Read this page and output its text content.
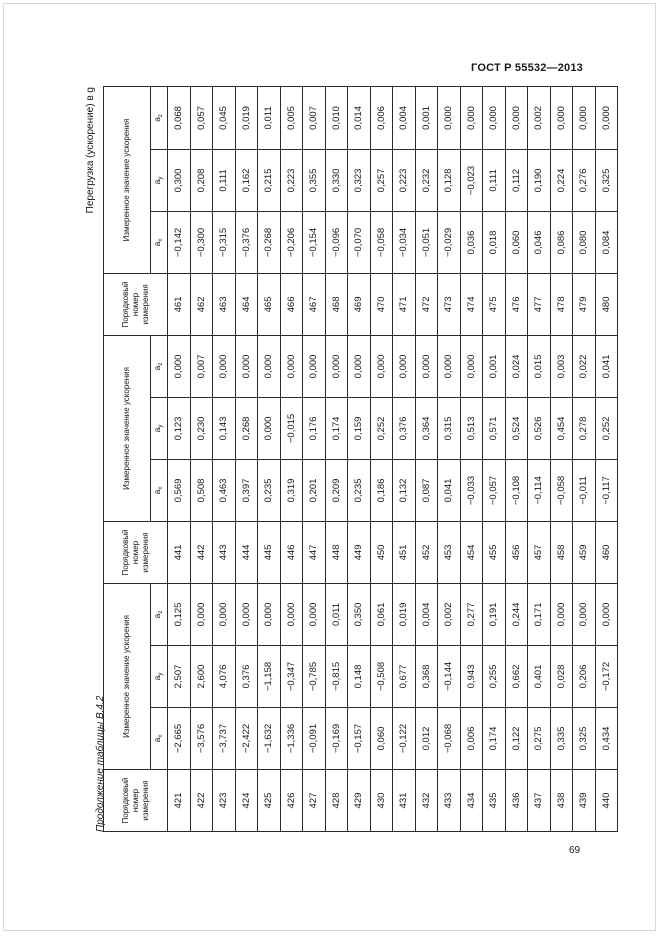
ГОСТ Р 55532—2013
Продолжение таблицы В.4.2
Перегрузка (ускорение) в g
Порядковый номер измерения	Измеренное значение ускорения			Порядковый номер измерения	Измеренное значение ускорения			Порядковый номер измерения	Измеренное значение ускорения		
	$a_x$	$a_y$	$a_z$		$a_x$	$a_y$	$a_z$		$a_x$	$a_y$	$a_z$
421	−2,665	2,507	0,125	441	0,569	0,123	0,000	461	−0,142	0,300	0,068
422	−3,576	2,600	0,000	442	0,508	0,230	0,007	462	−0,300	0,208	0,057
423	−3,737	4,076	0,000	443	0,463	0,143	0,000	463	−0,315	0,111	0,045
424	−2,422	0,376	0,000	444	0,397	0,268	0,000	464	−0,376	0,162	0,019
425	−1,632	−1,158	0,000	445	0,235	0,000	0,000	465	−0,268	0,215	0,011
426	−1,336	−0,347	0,000	446	0,319	−0,015	0,000	466	−0,206	0,223	0,005
427	−0,091	−0,785	0,000	447	0,201	0,176	0,000	467	−0,154	0,355	0,007
428	−0,169	−0,815	0,011	448	0,209	0,174	0,000	468	−0,096	0,330	0,010
429	−0,157	0,148	0,350	449	0,235	0,159	0,000	469	−0,070	0,323	0,014
430	0,060	−0,508	0,061	450	0,186	0,252	0,000	470	−0,058	0,257	0,006
431	−0,122	0,677	0,019	451	0,132	0,376	0,000	471	−0,034	0,223	0,004
432	0,012	0,368	0,004	452	0,087	0,364	0,000	472	−0,051	0,232	0,001
433	−0,068	−0,144	0,002	453	0,041	0,315	0,000	473	−0,029	0,128	0,000
434	0,006	0,943	0,277	454	−0,033	0,513	0,000	474	0,036	−0,023	0,000
435	0,174	0,255	0,191	455	−0,057	0,571	0,001	475	0,018	0,111	0,000
436	0,122	0,662	0,244	456	−0,108	0,524	0,024	476	0,060	0,112	0,000
437	0,275	0,401	0,171	457	−0,114	0,526	0,015	477	0,046	0,190	0,002
438	0,335	0,028	0,000	458	−0,058	0,454	0,003	478	0,086	0,224	0,000
439	0,325	0,206	0,000	459	−0,011	0,278	0,022	479	0,080	0,276	0,000
440	0,434	−0,172	0,000	460	−0,117	0,252	0,041	480	0,084	0,325	0,000
69
